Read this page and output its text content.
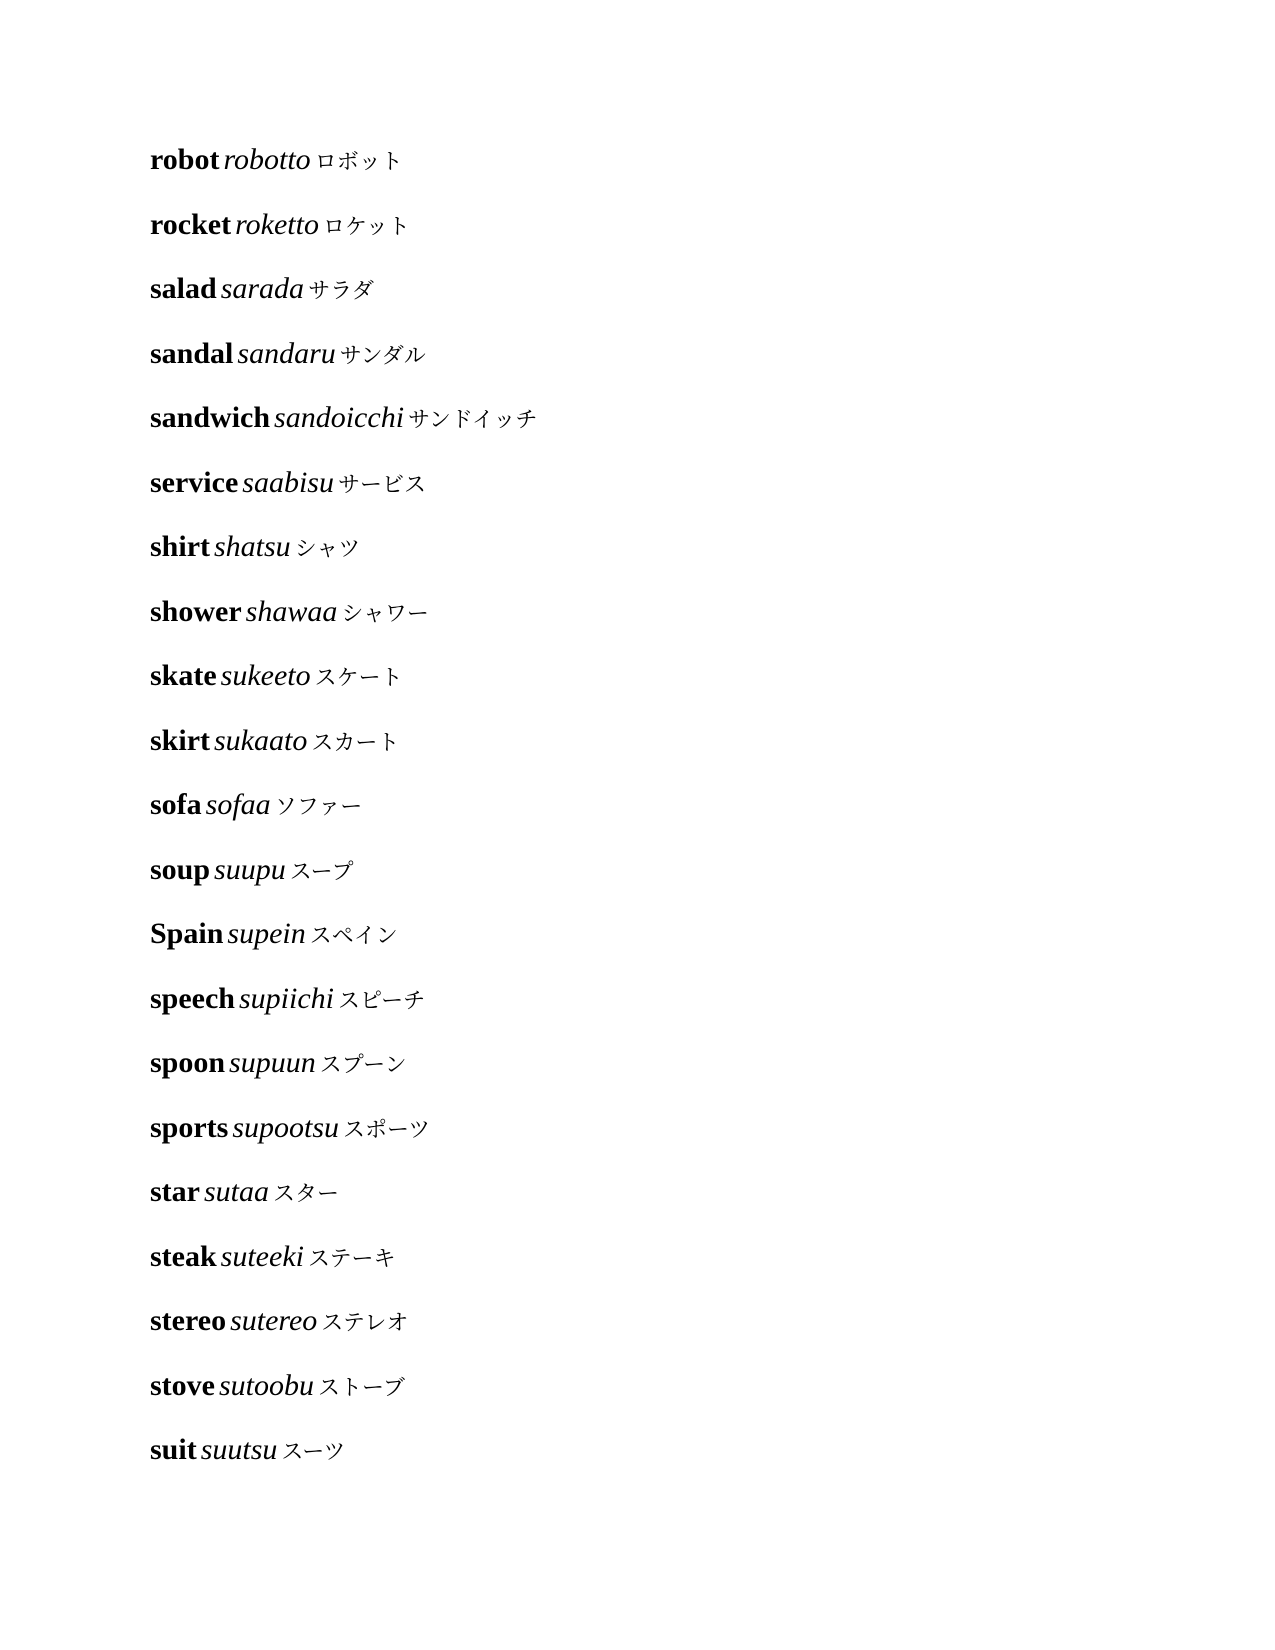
robot robotto ロボット
rocket roketto ロケット
salad sarada サラダ
sandal sandaru サンダル
sandwich sandoicchi サンドイッチ
service saabisu サービス
shirt shatsu シャツ
shower shawaa シャワー
skate sukeeto スケート
skirt sukaato スカート
sofa sofaa ソファー
soup suupu スープ
Spain supein スペイン
speech supiichi スピーチ
spoon supuun スプーン
sports supootsu スポーツ
star sutaa スター
steak suteeki ステーキ
stereo sutereo ステレオ
stove sutoobu ストーブ
suit suutsu スーツ
